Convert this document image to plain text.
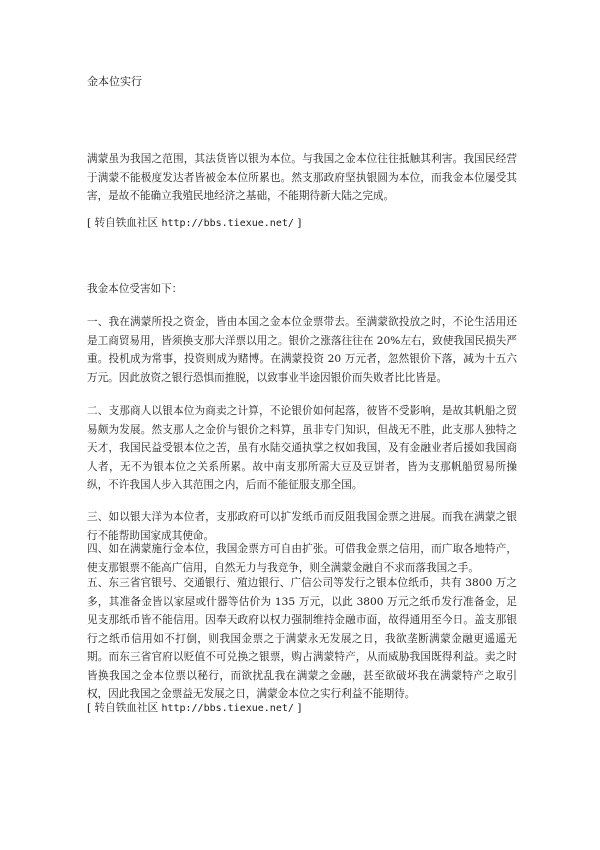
金本位实行

满蒙虽为我国之范围，其法货皆以银为本位。与我国之金本位往往抵触其利害。我国民经营于满蒙不能极度发达者皆被金本位所累也。然支那政府坚执银圆为本位，而我金本位屡受其害，是故不能确立我殖民地经济之基础，不能期待新大陆之完成。

[ 转自铁血社区 http://bbs.tiexue.net/ ]
我金本位受害如下：

一、我在满蒙所投之资金，皆由本国之金本位金票带去。至满蒙欲投放之时，不论生活用还是工商贸易用，皆须换支那大洋票以用之。银价之涨落往往在 20%左右，致使我国民损失严重。投机成为常事，投资则成为赌博。在满蒙投资 20 万元者，忽然银价下落，减为十五六万元。因此放资之银行恐惧而推脱，以致事业半途因银价而失败者比比皆是。

二、支那商人以银本位为商卖之计算，不论银价如何起落，彼皆不受影响，是故其帆船之贸易颇为发展。然支那人之金价与银价之料算，虽非专门知识，但战无不胜，此支那人独特之天才，我国民益受银本位之苦，虽有水陆交通执掌之权如我国，及有金融业者后援如我国商人者，无不为银本位之关系所累。故中南支那所需大豆及豆饼者，皆为支那帆船贸易所操纵，不许我国人步入其范围之内，后而不能征服支那全国。

三、如以银大洋为本位者，支那政府可以扩发纸币而反阻我国金票之进展。而我在满蒙之银行不能帮助国家成其使命。

四、如在满蒙施行金本位，我国金票方可自由扩张。可借我金票之信用，而广取各地特产，使支那银票不能高广信用，自然无力与我竞争，则全满蒙金融自不求而落我国之手。

五、东三省官银号、交通银行、殖边银行、广信公司等发行之银本位纸币，共有 3800 万之多，其准备金皆以家屋或什器等估价为 135 万元，以此 3800 万元之纸币发行准备金，足见支那纸币皆不能信用。因奉天政府以权力强制维持金融市面，故得通用至今日。盖支那银行之纸币信用如不打倒，则我国金票之于满蒙永无发展之日，我欲垄断满蒙金融更遥遥无期。而东三省官府以贬值不可兑换之银票，购占满蒙特产，从而威胁我国既得利益。卖之时皆换我国之金本位票以秘行，而欲扰乱我在满蒙之金融，甚至欲破坏我在满蒙特产之取引权，因此我国之金票益无发展之日，满蒙金本位之实行利益不能期待。

[ 转自铁血社区 http://bbs.tiexue.net/ ]
